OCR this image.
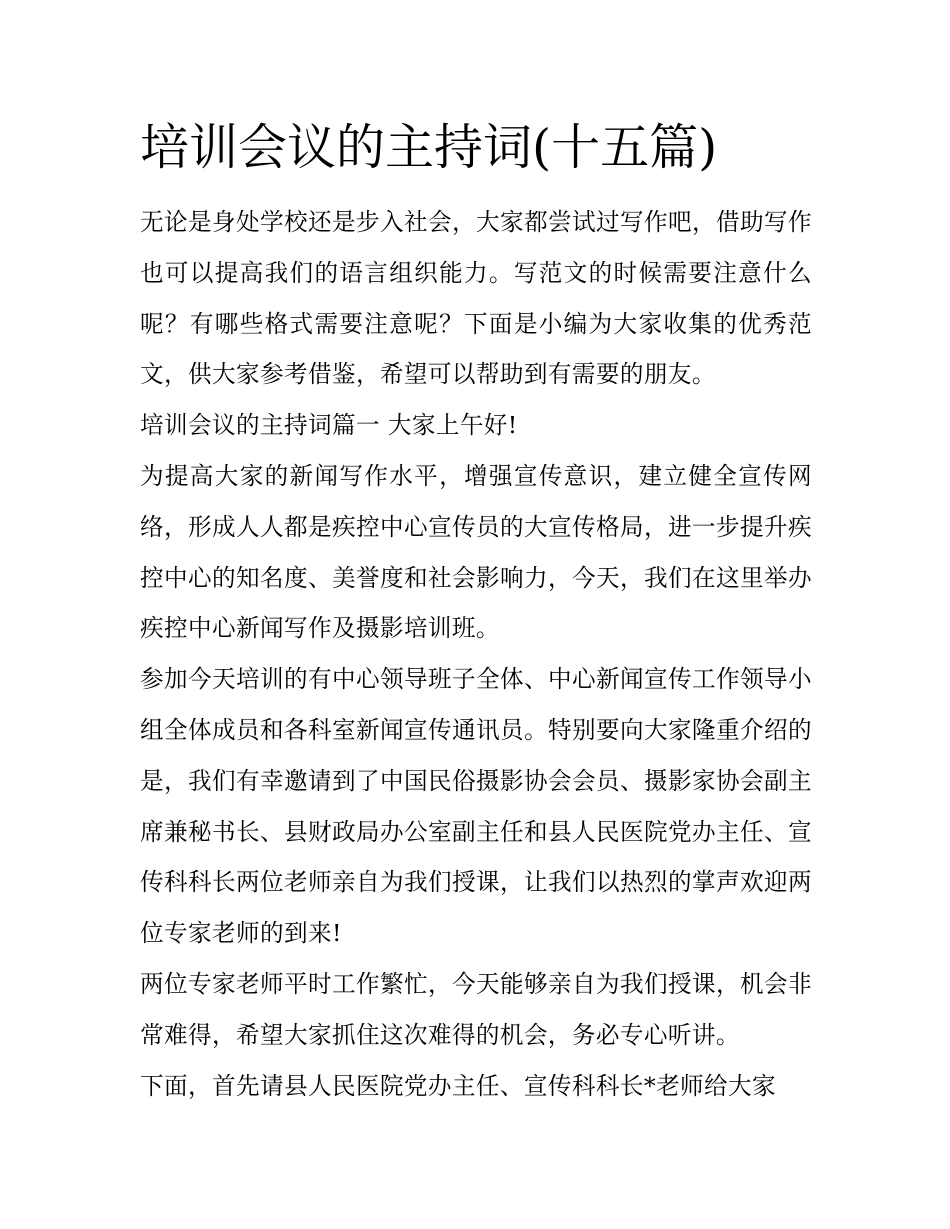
培训会议的主持词(十五篇)

无论是身处学校还是步入社会，大家都尝试过写作吧，借助写作也可以提高我们的语言组织能力。写范文的时候需要注意什么呢？有哪些格式需要注意呢？下面是小编为大家收集的优秀范文，供大家参考借鉴，希望可以帮助到有需要的朋友。

培训会议的主持词篇一 大家上午好!

为提高大家的新闻写作水平，增强宣传意识，建立健全宣传网络，形成人人都是疾控中心宣传员的大宣传格局，进一步提升疾控中心的知名度、美誉度和社会影响力，今天，我们在这里举办疾控中心新闻写作及摄影培训班。

参加今天培训的有中心领导班子全体、中心新闻宣传工作领导小组全体成员和各科室新闻宣传通讯员。特别要向大家隆重介绍的是，我们有幸邀请到了中国民俗摄影协会会员、摄影家协会副主席兼秘书长、县财政局办公室副主任和县人民医院党办主任、宣传科科长两位老师亲自为我们授课，让我们以热烈的掌声欢迎两位专家老师的到来!

两位专家老师平时工作繁忙，今天能够亲自为我们授课，机会非常难得，希望大家抓住这次难得的机会，务必专心听讲。

下面，首先请县人民医院党办主任、宣传科科长*老师给大家
